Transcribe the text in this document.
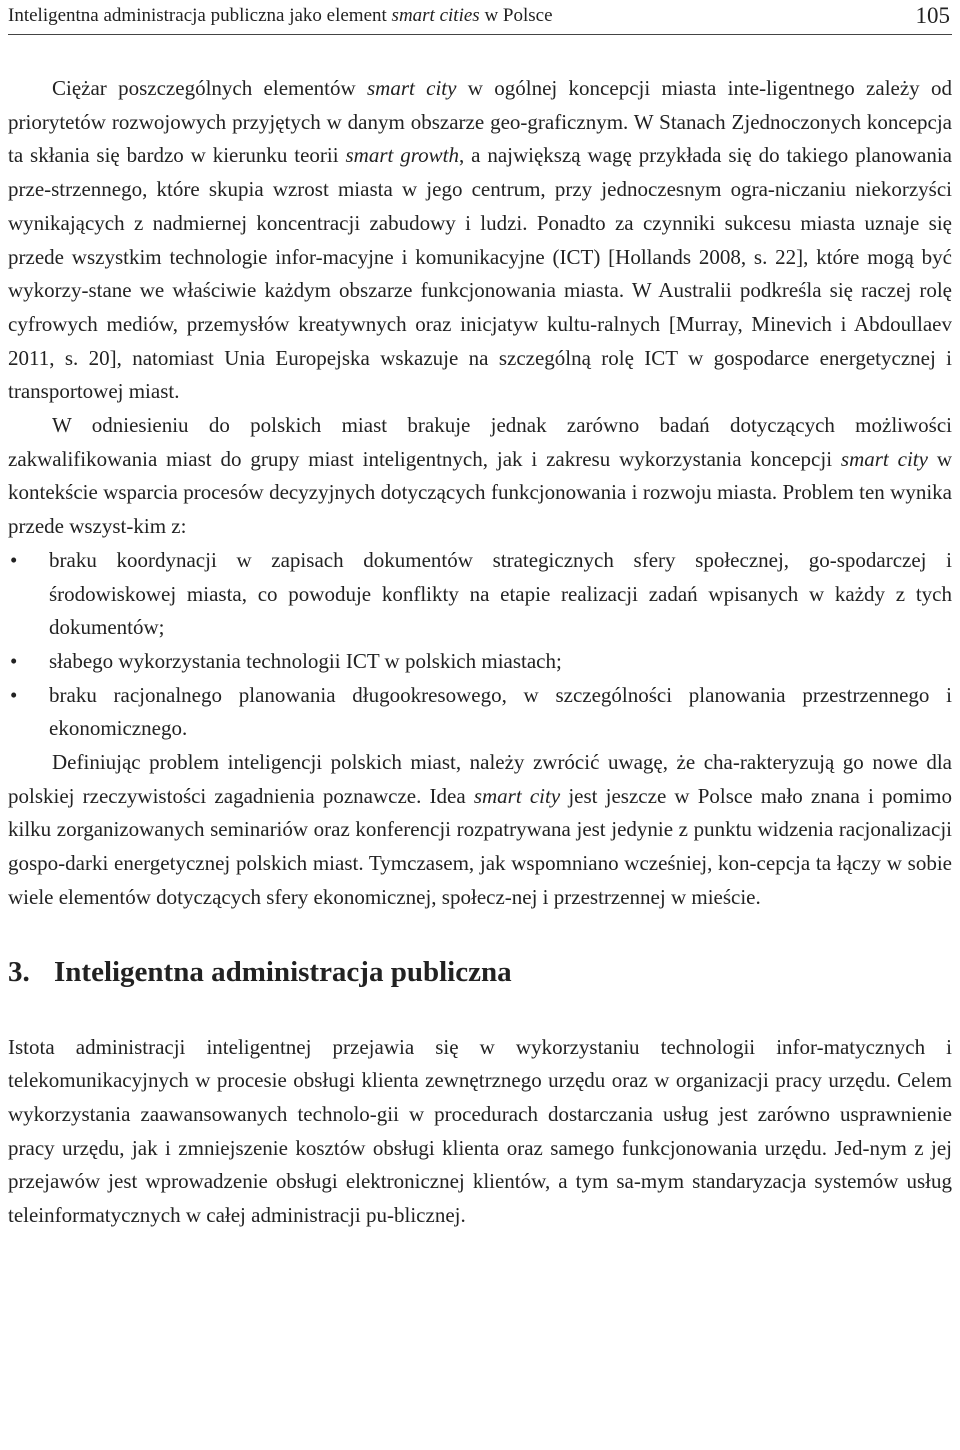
Inteligentna administracja publiczna jako element smart cities w Polsce	105

Ciężar poszczególnych elementów smart city w ogólnej koncepcji miasta inte-ligentnego zależy od priorytetów rozwojowych przyjętych w danym obszarze geo-graficznym. W Stanach Zjednoczonych koncepcja ta skłania się bardzo w kierunku teorii smart growth, a największą wagę przykłada się do takiego planowania prze-strzennego, które skupia wzrost miasta w jego centrum, przy jednoczesnym ogra-niczaniu niekorzyści wynikających z nadmiernej koncentracji zabudowy i ludzi. Ponadto za czynniki sukcesu miasta uznaje się przede wszystkim technologie infor-macyjne i komunikacyjne (ICT) [Hollands 2008, s. 22], które mogą być wykorzy-stane we właściwie każdym obszarze funkcjonowania miasta. W Australii podkreśla się raczej rolę cyfrowych mediów, przemysłów kreatywnych oraz inicjatyw kultu-ralnych [Murray, Minevich i Abdoullaev 2011, s. 20], natomiast Unia Europejska wskazuje na szczególną rolę ICT w gospodarce energetycznej i transportowej miast.

W odniesieniu do polskich miast brakuje jednak zarówno badań dotyczących możliwości zakwalifikowania miast do grupy miast inteligentnych, jak i zakresu wykorzystania koncepcji smart city w kontekście wsparcia procesów decyzyjnych dotyczących funkcjonowania i rozwoju miasta. Problem ten wynika przede wszyst-kim z:

• braku koordynacji w zapisach dokumentów strategicznych sfery społecznej, go-spodarczej i środowiskowej miasta, co powoduje konflikty na etapie realizacji zadań wpisanych w każdy z tych dokumentów;
• słabego wykorzystania technologii ICT w polskich miastach;
• braku racjonalnego planowania długookresowego, w szczególności planowania przestrzennego i ekonomicznego.

Definiując problem inteligencji polskich miast, należy zwrócić uwagę, że cha-rakteryzują go nowe dla polskiej rzeczywistości zagadnienia poznawcze. Idea smart city jest jeszcze w Polsce mało znana i pomimo kilku zorganizowanych seminariów oraz konferencji rozpatrywana jest jedynie z punktu widzenia racjonalizacji gospo-darki energetycznej polskich miast. Tymczasem, jak wspomniano wcześniej, kon-cepcja ta łączy w sobie wiele elementów dotyczących sfery ekonomicznej, społecz-nej i przestrzennej w mieście.

3. Inteligentna administracja publiczna

Istota administracji inteligentnej przejawia się w wykorzystaniu technologii infor-matycznych i telekomunikacyjnych w procesie obsługi klienta zewnętrznego urzędu oraz w organizacji pracy urzędu. Celem wykorzystania zaawansowanych technolo-gii w procedurach dostarczania usług jest zarówno usprawnienie pracy urzędu, jak i zmniejszenie kosztów obsługi klienta oraz samego funkcjonowania urzędu. Jed-nym z jej przejawów jest wprowadzenie obsługi elektronicznej klientów, a tym sa-mym standaryzacja systemów usług teleinformatycznych w całej administracji pu-blicznej.
